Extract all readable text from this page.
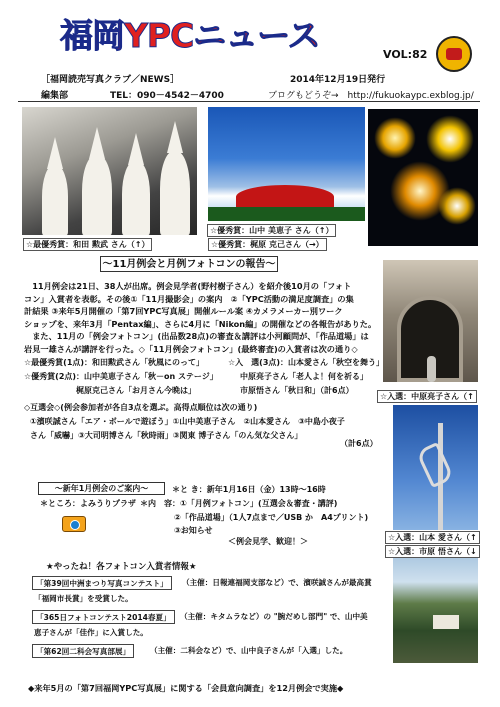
福岡YPCニュース	VOL:82
［福岡読売写真クラブ／NEWS］	2014年12月19日発行
編集部	TEL：090－4542－4700	ブログもどうぞ→　http://fukuokaypc.exblog.jp/
☆最優秀賞：和田 勲武 さん（↑）
☆優秀賞：山中 美恵子 さん（↑）
☆優秀賞：梶原 克己さん（→）
☆入選：中原亮子さん（↑
☆入選：山本 愛さん（↑
☆入選：市原 悟さん（↓
～11月例会と月例フォトコンの報告～
　11月例会は21日、38人が出席。例会見学者(野村樹子さん）を紹介後10月の「フォト
コン」入賞者を表彰。その後①「11月撮影会」の案内　②「YPC活動の満足度調査」の集
計結果 ③来年5月開催の「第7回YPC写真展」開催ルール案 ④カメラメーカー別ワーク
ショップを、来年3月「Pentax編」、さらに4月に「Nikon編」の開催などの各報告がありた。
　また、11月の「例会フォトコン」(出品数28点)の審査＆講評は小河顧問が、「作品道場」は
岩見一雄さんが講評を行った。◇「11月例会フォトコン」(最終審査)の入賞者は次の通り◇
☆最優秀賞(1点)：和田勲武さん「秋風にのって」
☆優秀賞(2点)：山中美恵子さん「秋－on ステージ」
梶原克己さん「お月さん今晩は」
☆入　選(3点)： 山本愛さん「秋空を舞う」
中原亮子さん「老人よ！何を祈る」
市原悟さん「秋日和」（計6点）
◇互選会◇(例会参加者が各自3点を選ぶ。高得点順位は次の通り)
①濱咲誠さん「エア・ボールで遊ぼう」①山中美恵子さん　②山本愛さん　③中島小夜子
さん「威嚇」③大司明博さん「秋時雨」③関東 博子さん「のん気な父さん」
（計6点）
～新年1月例会のご案内～	＊と き：新年1月16日（金）13時～16時
＊ところ：よみうりプラザ ＊内　容：①「月例フォトコン」(互選会＆審査・講評)
②「作品道場」（1人7点まで／USB か　A4プリント)
③お知らせ
＜例会見学、歓迎！＞
★やったね！各フォトコン入賞者情報★
「第39回中洲まつり写真コンテスト」	（主催：日報連福岡支部など）で、濱咲誠さんが最高賞
「福岡市長賞」を受賞した。
「365日フォトコンテスト2014春夏」	（主催：キタムラなど）の "腕だめし部門" で、山中美
恵子さんが「佳作」に入賞した。
「第62回二科会写真部展」	（主催：二科会など）で、山中良子さんが「入選」した。
◆来年5月の「第7回福岡YPC写真展」に関する「会員意向調査」を12月例会で実施◆
